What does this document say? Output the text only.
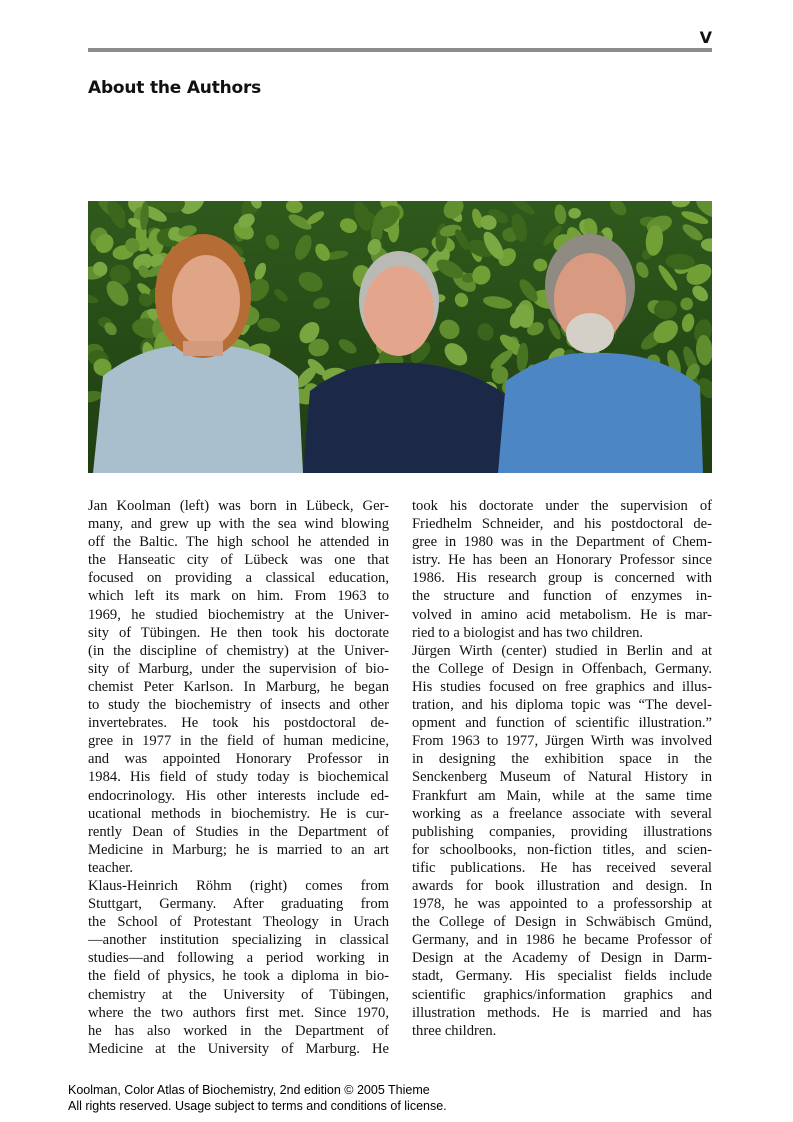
V
About the Authors
Jan Koolman (left) was born in Lübeck, Ger-
many, and grew up with the sea wind blowing
off the Baltic. The high school he attended in
the Hanseatic city of Lübeck was one that
focused on providing a classical education,
which left its mark on him. From 1963 to
1969, he studied biochemistry at the Univer-
sity of Tübingen. He then took his doctorate
(in the discipline of chemistry) at the Univer-
sity of Marburg, under the supervision of bio-
chemist Peter Karlson. In Marburg, he began
to study the biochemistry of insects and other
invertebrates. He took his postdoctoral de-
gree in 1977 in the field of human medicine,
and was appointed Honorary Professor in
1984. His field of study today is biochemical
endocrinology. His other interests include ed-
ucational methods in biochemistry. He is cur-
rently Dean of Studies in the Department of
Medicine in Marburg; he is married to an art
teacher.
Klaus-Heinrich Röhm (right) comes from
Stuttgart, Germany. After graduating from
the School of Protestant Theology in Urach
—another institution specializing in classical
studies—and following a period working in
the field of physics, he took a diploma in bio-
chemistry at the University of Tübingen,
where the two authors first met. Since 1970,
he has also worked in the Department of
Medicine at the University of Marburg. He
took his doctorate under the supervision of
Friedhelm Schneider, and his postdoctoral de-
gree in 1980 was in the Department of Chem-
istry. He has been an Honorary Professor since
1986. His research group is concerned with
the structure and function of enzymes in-
volved in amino acid metabolism. He is mar-
ried to a biologist and has two children.
Jürgen Wirth (center) studied in Berlin and at
the College of Design in Offenbach, Germany.
His studies focused on free graphics and illus-
tration, and his diploma topic was “The devel-
opment and function of scientific illustration.”
From 1963 to 1977, Jürgen Wirth was involved
in designing the exhibition space in the
Senckenberg Museum of Natural History in
Frankfurt am Main, while at the same time
working as a freelance associate with several
publishing companies, providing illustrations
for schoolbooks, non-fiction titles, and scien-
tific publications. He has received several
awards for book illustration and design. In
1978, he was appointed to a professorship at
the College of Design in Schwäbisch Gmünd,
Germany, and in 1986 he became Professor of
Design at the Academy of Design in Darm-
stadt, Germany. His specialist fields include
scientific graphics/information graphics and
illustration methods. He is married and has
three children.
Koolman, Color Atlas of Biochemistry, 2nd edition © 2005 Thieme
All rights reserved. Usage subject to terms and conditions of license.
